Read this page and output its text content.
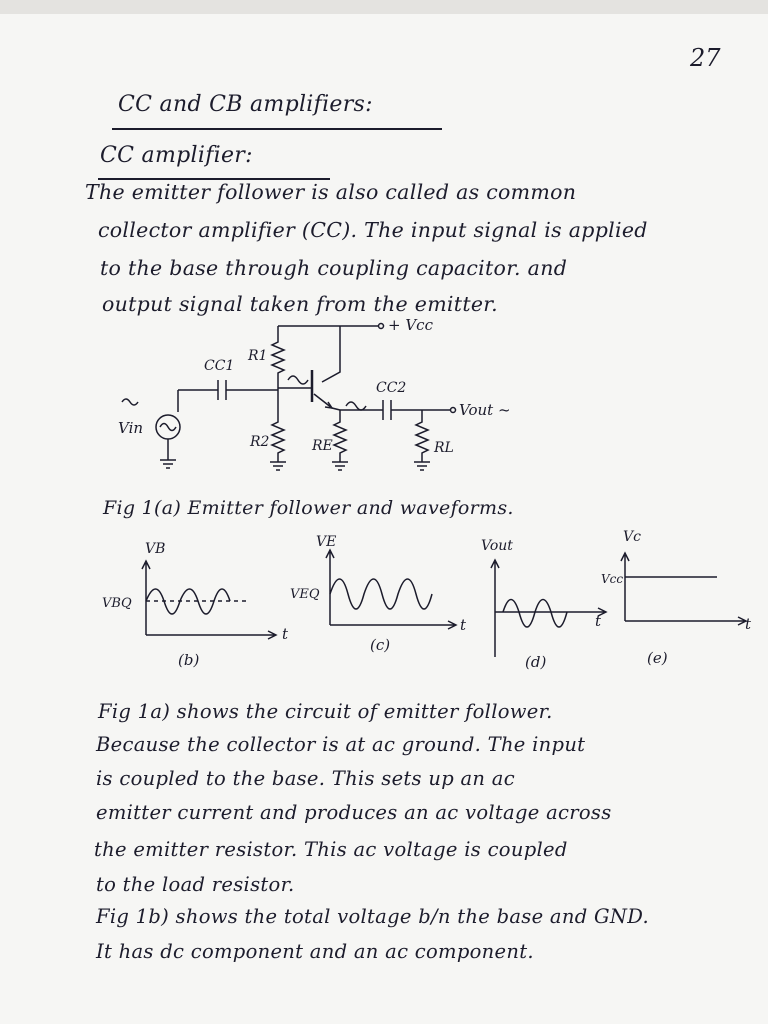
27
CC and CB amplifiers:
CC amplifier:
The emitter follower is also called as common
collector amplifier (CC). The input signal is applied
to the base through coupling capacitor. and
output signal taken from the emitter.
+ Vcc
CC1
R1
CC2
Vout ~
Vin
R2	RE	RL
Fig 1(a) Emitter follower and waveforms.
VB
VBQ
t
(b)
VE
VEQ
t
(c)
Vout
t
(d)
Vc
Vcc
t
(e)
Fig 1a) shows the circuit of emitter follower.
Because the collector is at ac ground. The input
is coupled to the base. This sets up an ac
emitter current and produces an ac voltage across
the emitter resistor. This ac voltage is coupled
to the load resistor.
Fig 1b) shows the total voltage b/n the base and GND.
It has dc component and an ac component.
